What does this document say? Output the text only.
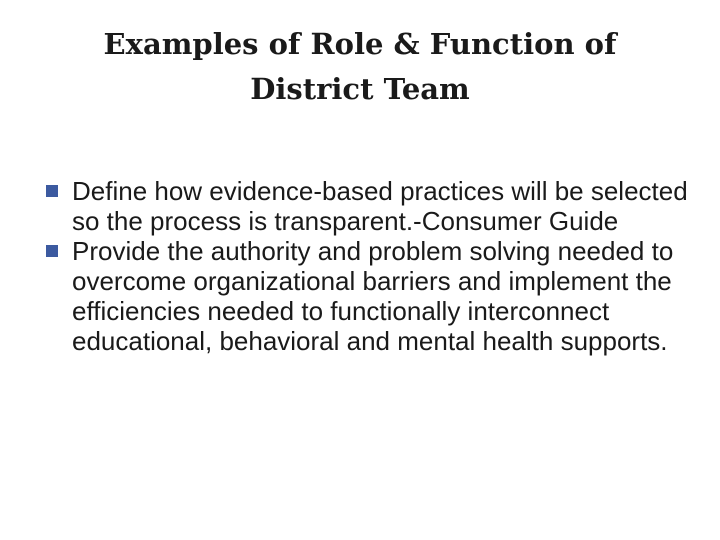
Examples of Role & Function of District Team
Define how evidence-based practices will be selected so the process is transparent.-Consumer Guide
Provide the authority and problem solving needed to overcome organizational barriers and implement the efficiencies needed to functionally interconnect educational, behavioral and mental health supports.
